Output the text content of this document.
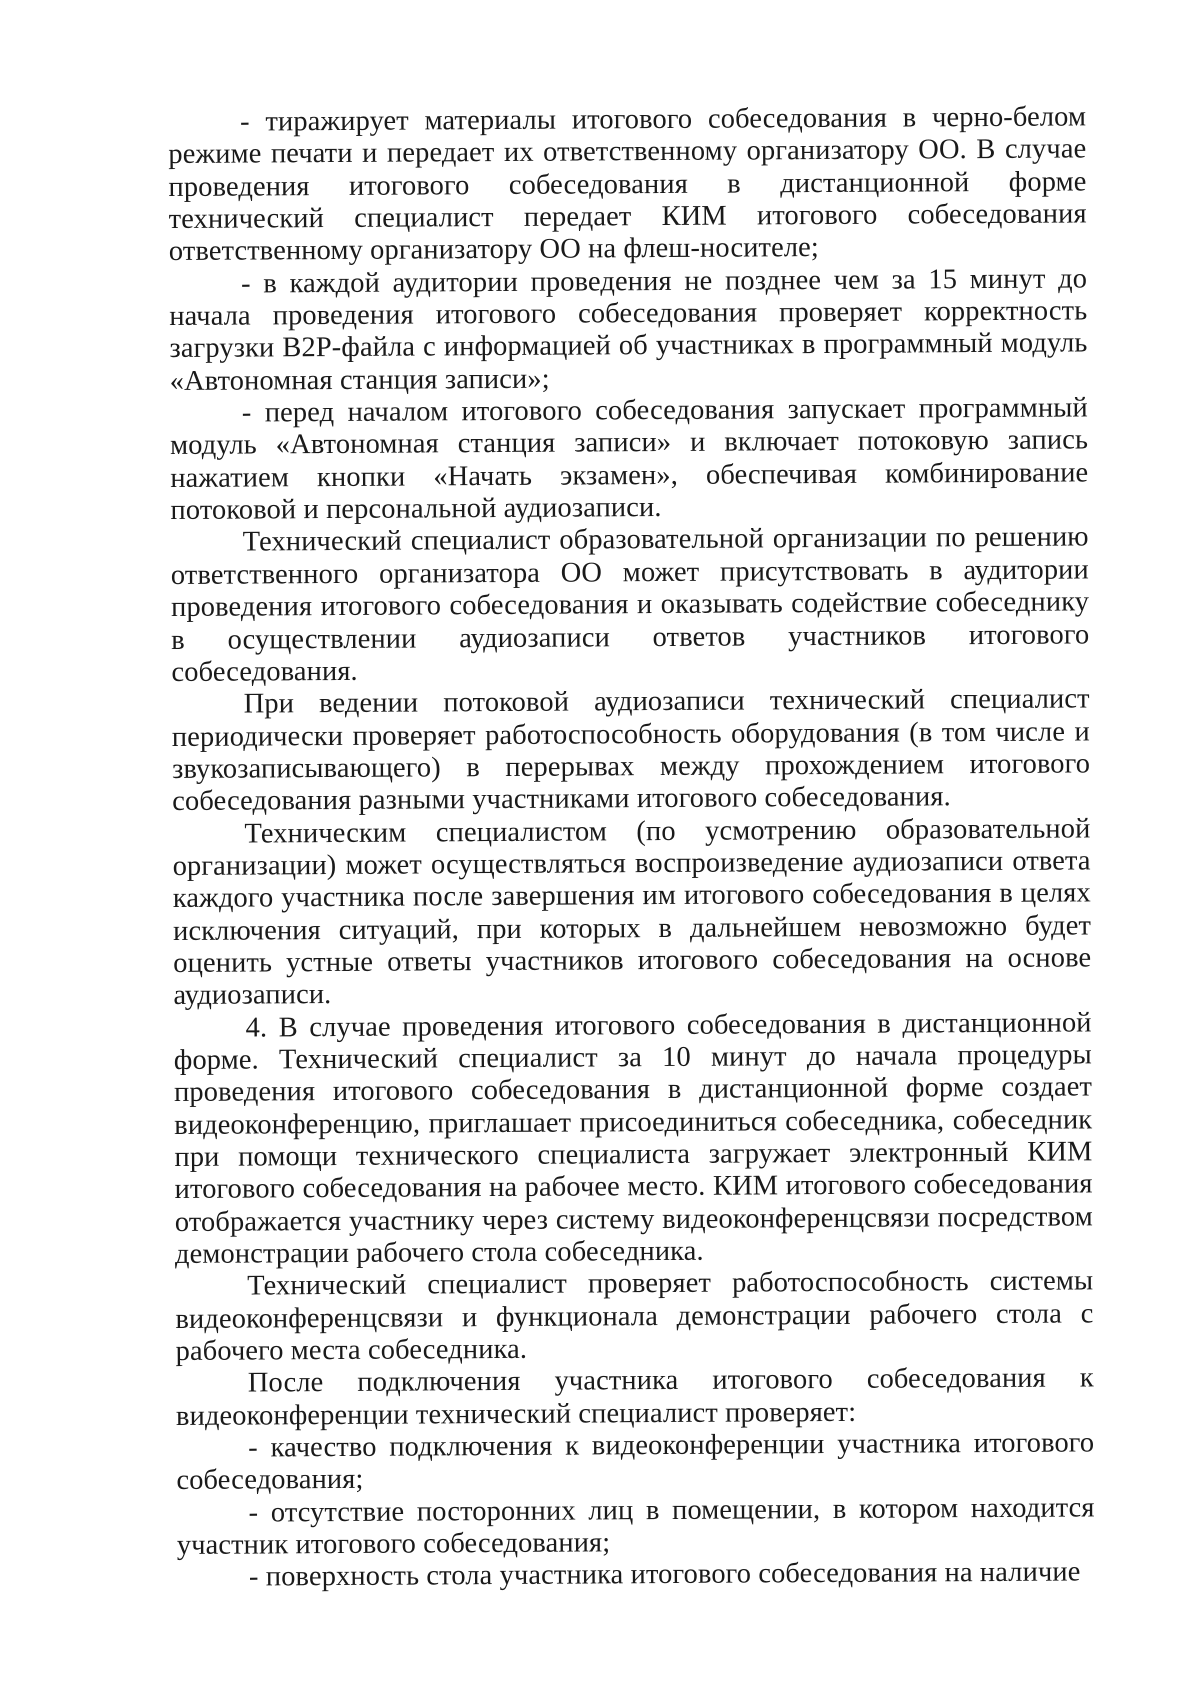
- тиражирует материалы итогового собеседования в черно-белом режиме печати и передает их ответственному организатору ОО. В случае проведения итогового собеседования в дистанционной форме технический специалист передает КИМ итогового собеседования ответственному организатору ОО на флеш-носителе;

- в каждой аудитории проведения не позднее чем за 15 минут до начала проведения итогового собеседования проверяет корректность загрузки B2P-файла с информацией об участниках в программный модуль «Автономная станция записи»;

- перед началом итогового собеседования запускает программный модуль «Автономная станция записи» и включает потоковую запись нажатием кнопки «Начать экзамен», обеспечивая комбинирование потоковой и персональной аудиозаписи.

Технический специалист образовательной организации по решению ответственного организатора ОО может присутствовать в аудитории проведения итогового собеседования и оказывать содействие собеседнику в осуществлении аудиозаписи ответов участников итогового собеседования.

При ведении потоковой аудиозаписи технический специалист периодически проверяет работоспособность оборудования (в том числе и звукозаписывающего) в перерывах между прохождением итогового собеседования разными участниками итогового собеседования.

Техническим специалистом (по усмотрению образовательной организации) может осуществляться воспроизведение аудиозаписи ответа каждого участника после завершения им итогового собеседования в целях исключения ситуаций, при которых в дальнейшем невозможно будет оценить устные ответы участников итогового собеседования на основе аудиозаписи.

4. В случае проведения итогового собеседования в дистанционной форме. Технический специалист за 10 минут до начала процедуры проведения итогового собеседования в дистанционной форме создает видеоконференцию, приглашает присоединиться собеседника, собеседник при помощи технического специалиста загружает электронный КИМ итогового собеседования на рабочее место. КИМ итогового собеседования отображается участнику через систему видеоконференцсвязи посредством демонстрации рабочего стола собеседника.

Технический специалист проверяет работоспособность системы видеоконференцсвязи и функционала демонстрации рабочего стола с рабочего места собеседника.

После подключения участника итогового собеседования к видеоконференции технический специалист проверяет:

- качество подключения к видеоконференции участника итогового собеседования;

- отсутствие посторонних лиц в помещении, в котором находится участник итогового собеседования;

- поверхность стола участника итогового собеседования на наличие
